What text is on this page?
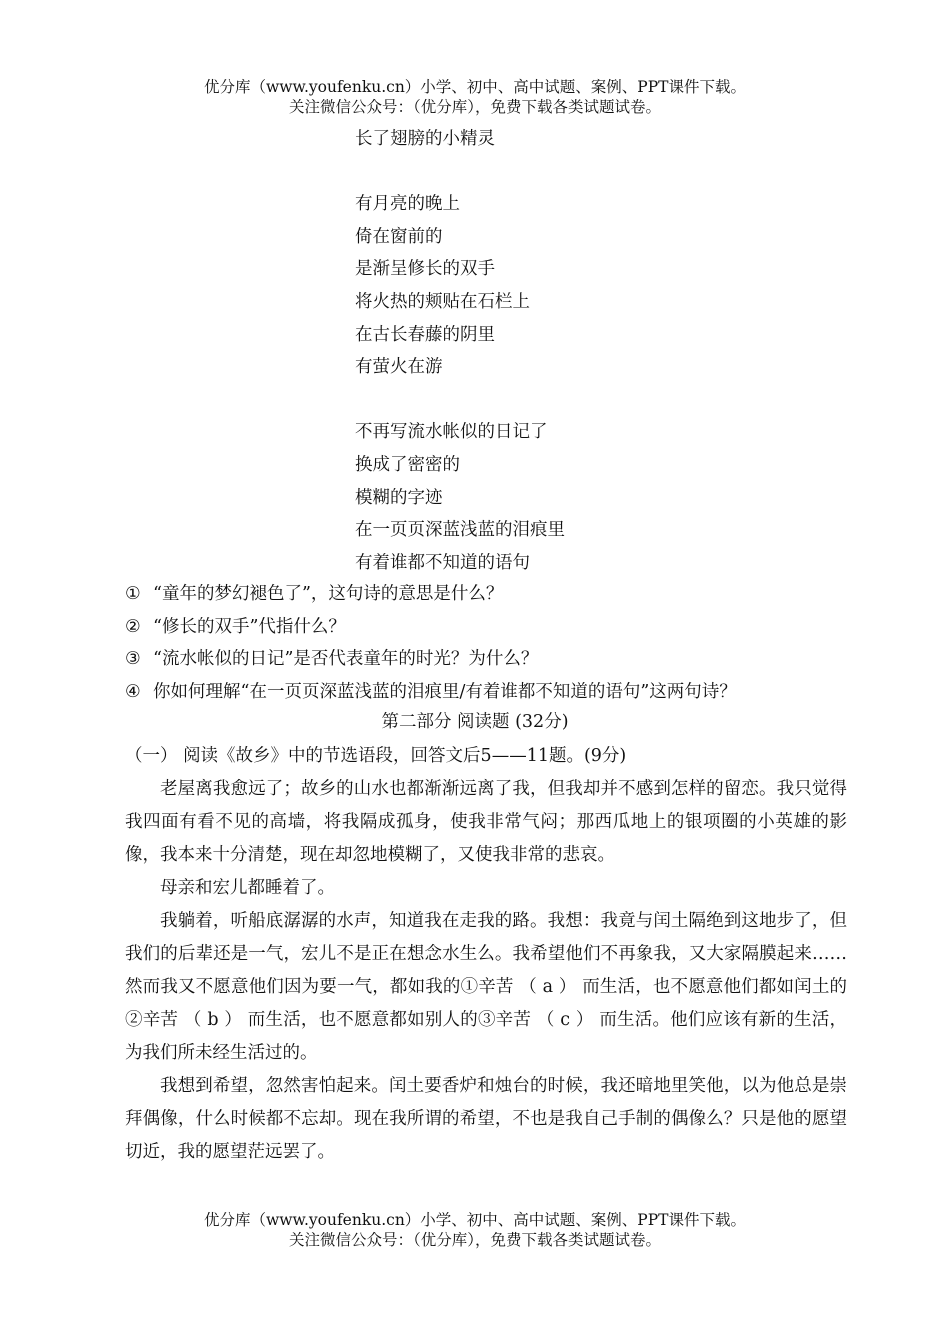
优分库（www.youfenku.cn）小学、初中、高中试题、案例、PPT课件下载。
关注微信公众号：（优分库），免费下载各类试题试卷。
长了翅膀的小精灵
有月亮的晚上
倚在窗前的
是渐呈修长的双手
将火热的颊贴在石栏上
在古长春藤的阴里
有萤火在游
不再写流水帐似的日记了
换成了密密的
模糊的字迹
在一页页深蓝浅蓝的泪痕里
有着谁都不知道的语句
① “童年的梦幻褪色了”，这句诗的意思是什么？
② “修长的双手”代指什么？
③ “流水帐似的日记”是否代表童年的时光？为什么？
④ 你如何理解“在一页页深蓝浅蓝的泪痕里/有着谁都不知道的语句”这两句诗？
第二部分 阅读题 (32分)
（一） 阅读《故乡》中的节选语段，回答文后5——11题。(9分)

老屋离我愈远了；故乡的山水也都渐渐远离了我，但我却并不感到怎样的留恋。我只觉得我四面有看不见的高墙，将我隔成孤身，使我非常气闷；那西瓜地上的银项圈的小英雄的影像，我本来十分清楚，现在却忽地模糊了，又使我非常的悲哀。

母亲和宏儿都睡着了。

我躺着，听船底潺潺的水声，知道我在走我的路。我想：我竟与闰土隔绝到这地步了，但我们的后辈还是一气，宏儿不是正在想念水生么。我希望他们不再象我，又大家隔膜起来……然而我又不愿意他们因为要一气，都如我的①辛苦 （ a ） 而生活，也不愿意他们都如闰土的②辛苦 （ b ） 而生活，也不愿意都如别人的③辛苦 （ c ） 而生活。他们应该有新的生活，为我们所未经生活过的。

我想到希望，忽然害怕起来。闰土要香炉和烛台的时候，我还暗地里笑他，以为他总是崇拜偶像，什么时候都不忘却。现在我所谓的希望，不也是我自己手制的偶像么？只是他的愿望切近，我的愿望茫远罢了。

优分库（www.youfenku.cn）小学、初中、高中试题、案例、PPT课件下载。
关注微信公众号：（优分库），免费下载各类试题试卷。
